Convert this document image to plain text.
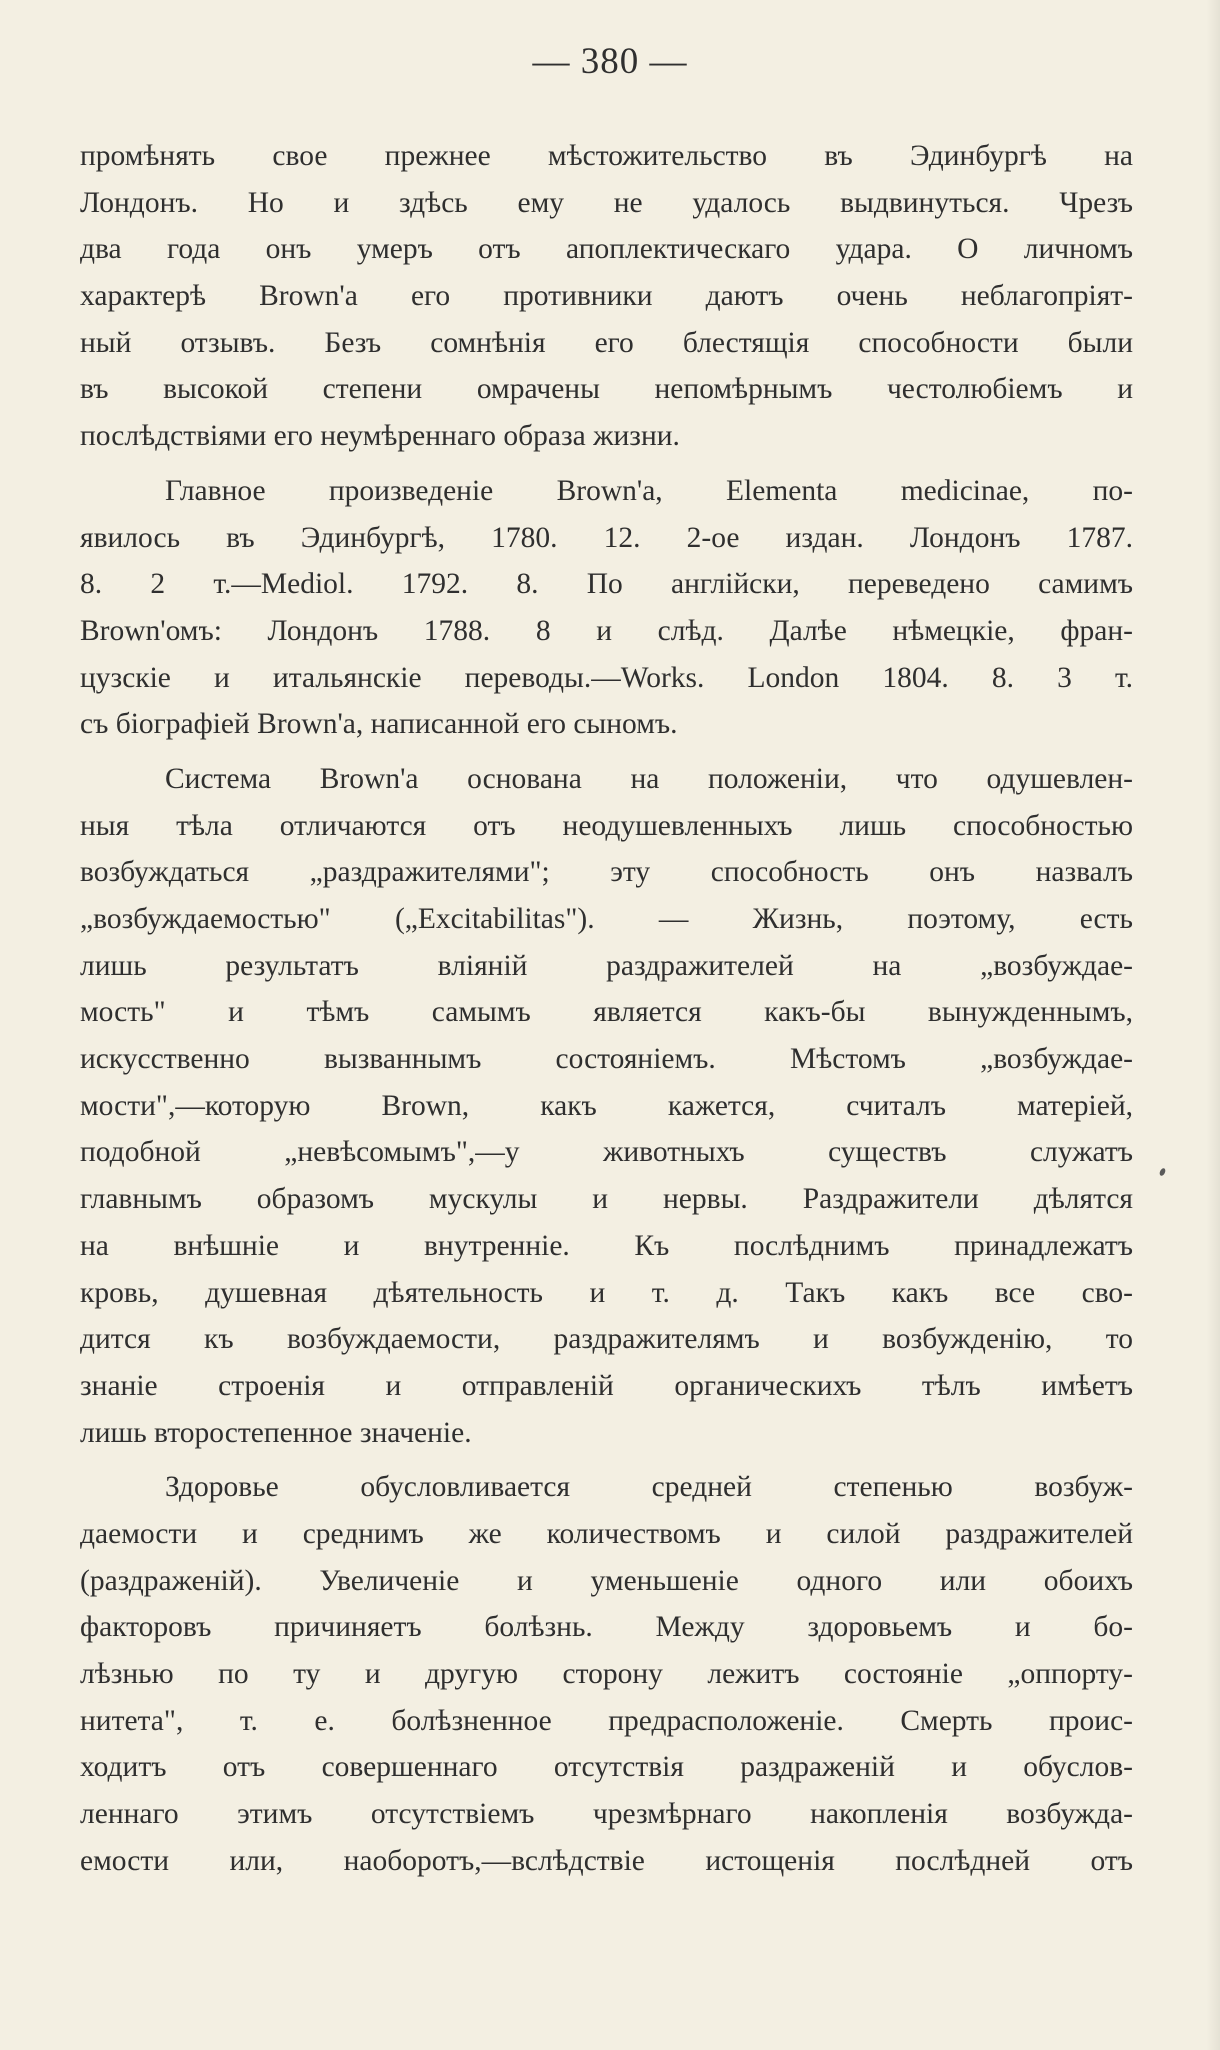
— 380 —
промѣнять свое прежнее мѣстожительство въ Эдинбургѣ на
Лондонъ. Но и здѣсь ему не удалось выдвинуться. Чрезъ
два года онъ умеръ отъ апоплектическаго удара. О личномъ
характерѣ Brown'a его противники даютъ очень неблагопріят-
ный отзывъ. Безъ сомнѣнія его блестящія способности были
въ высокой степени омрачены непомѣрнымъ честолюбіемъ и
послѣдствіями его неумѣреннаго образа жизни.
Главное произведеніе Brown'a, Elementa medicinae, по-
явилось въ Эдинбургѣ, 1780. 12. 2-ое издан. Лондонъ 1787.
8. 2 т.—Mediol. 1792. 8. По англійски, переведено самимъ
Brown'омъ: Лондонъ 1788. 8 и слѣд. Далѣе нѣмецкіе, фран-
цузскіе и итальянскіе переводы.—Works. London 1804. 8. 3 т.
съ біографіей Brown'a, написанной его сыномъ.
Система Brown'a основана на положеніи, что одушевлен-
ныя тѣла отличаются отъ неодушевленныхъ лишь способностью
возбуждаться „раздражителями"; эту способность онъ назвалъ
„возбуждаемостью" („Excitabilitas"). — Жизнь, поэтому, есть
лишь результатъ вліяній раздражителей на „возбуждае-
мость" и тѣмъ самымъ является какъ-бы вынужденнымъ,
искусственно вызваннымъ состояніемъ. Мѣстомъ „возбуждае-
мости",—которую Brown, какъ кажется, считалъ матеріей,
подобной „невѣсомымъ",—у животныхъ существъ служатъ
главнымъ образомъ мускулы и нервы. Раздражители дѣлятся
на внѣшніе и внутренніе. Къ послѣднимъ принадлежатъ
кровь, душевная дѣятельность и т. д. Такъ какъ все сво-
дится къ возбуждаемости, раздражителямъ и возбужденію, то
знаніе строенія и отправленій органическихъ тѣлъ имѣетъ
лишь второстепенное значеніе.
Здоровье обусловливается средней степенью возбуж-
даемости и среднимъ же количествомъ и силой раздражителей
(раздраженій). Увеличеніе и уменьшеніе одного или обоихъ
факторовъ причиняетъ болѣзнь. Между здоровьемъ и бо-
лѣзнью по ту и другую сторону лежитъ состояніе „оппорту-
нитета", т. е. болѣзненное предрасположеніе. Смерть проис-
ходитъ отъ совершеннаго отсутствія раздраженій и обуслов-
леннаго этимъ отсутствіемъ чрезмѣрнаго накопленія возбужда-
емости или, наоборотъ,—вслѣдствіе истощенія послѣдней отъ
